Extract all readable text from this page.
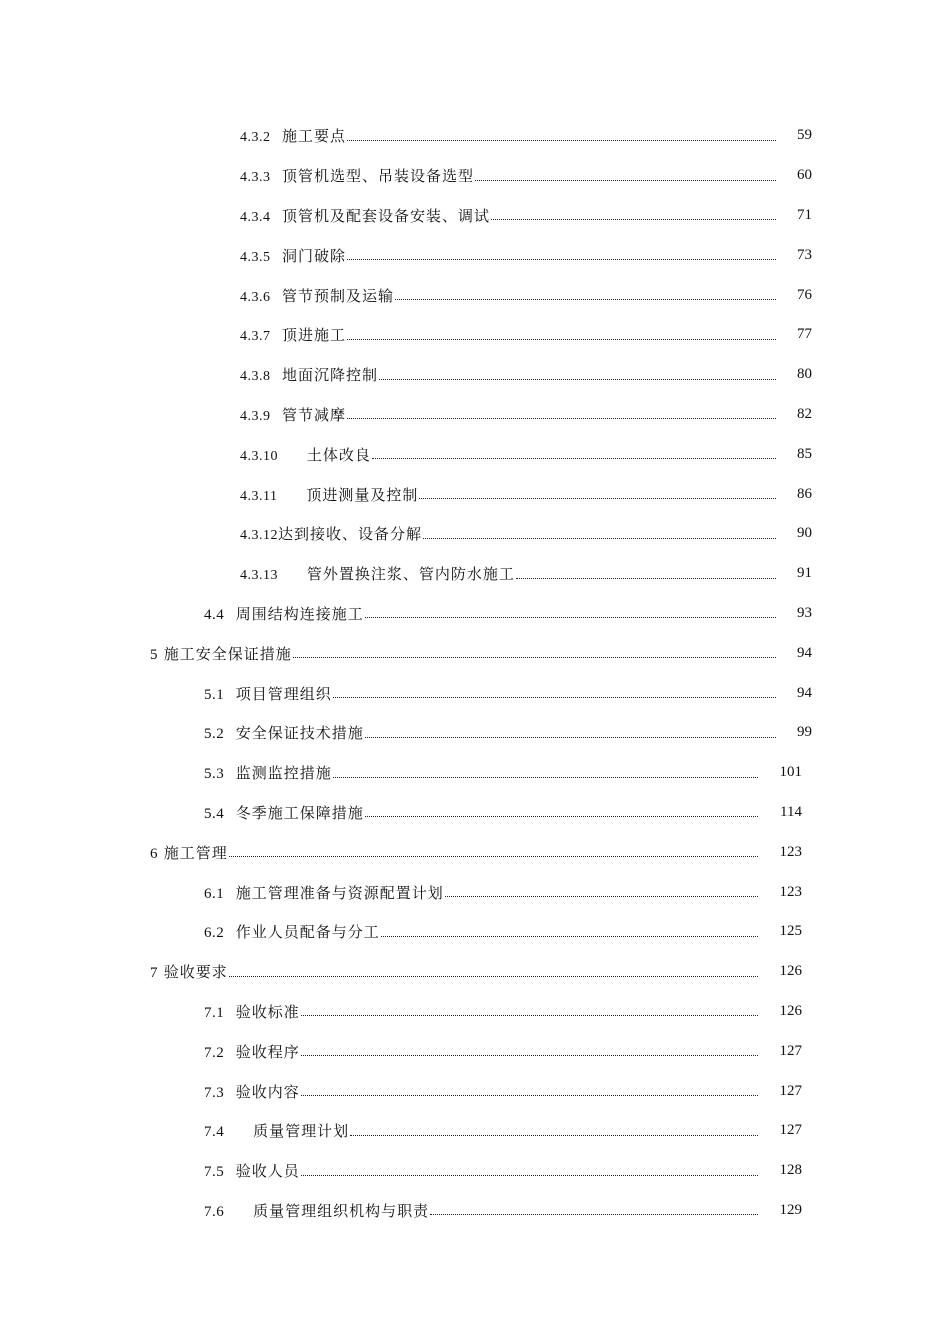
4.3.2 施工要点	59
4.3.3 顶管机选型、吊装设备选型	60
4.3.4 顶管机及配套设备安装、调试	71
4.3.5 洞门破除	73
4.3.6 管节预制及运输	76
4.3.7 顶进施工	77
4.3.8 地面沉降控制	80
4.3.9 管节减摩	82
4.3.10 土体改良	85
4.3.11 顶进测量及控制	86
4.3.12达到接收、设备分解	90
4.3.13 管外置换注浆、管内防水施工	91
4.4 周围结构连接施工	93
5 施工安全保证措施	94
5.1 项目管理组织	94
5.2 安全保证技术措施	99
5.3 监测监控措施	101
5.4 冬季施工保障措施	114
6 施工管理	123
6.1 施工管理准备与资源配置计划	123
6.2 作业人员配备与分工	125
7 验收要求	126
7.1 验收标准	126
7.2 验收程序	127
7.3 验收内容	127
7.4 质量管理计划	127
7.5 验收人员	128
7.6 质量管理组织机构与职责	129
